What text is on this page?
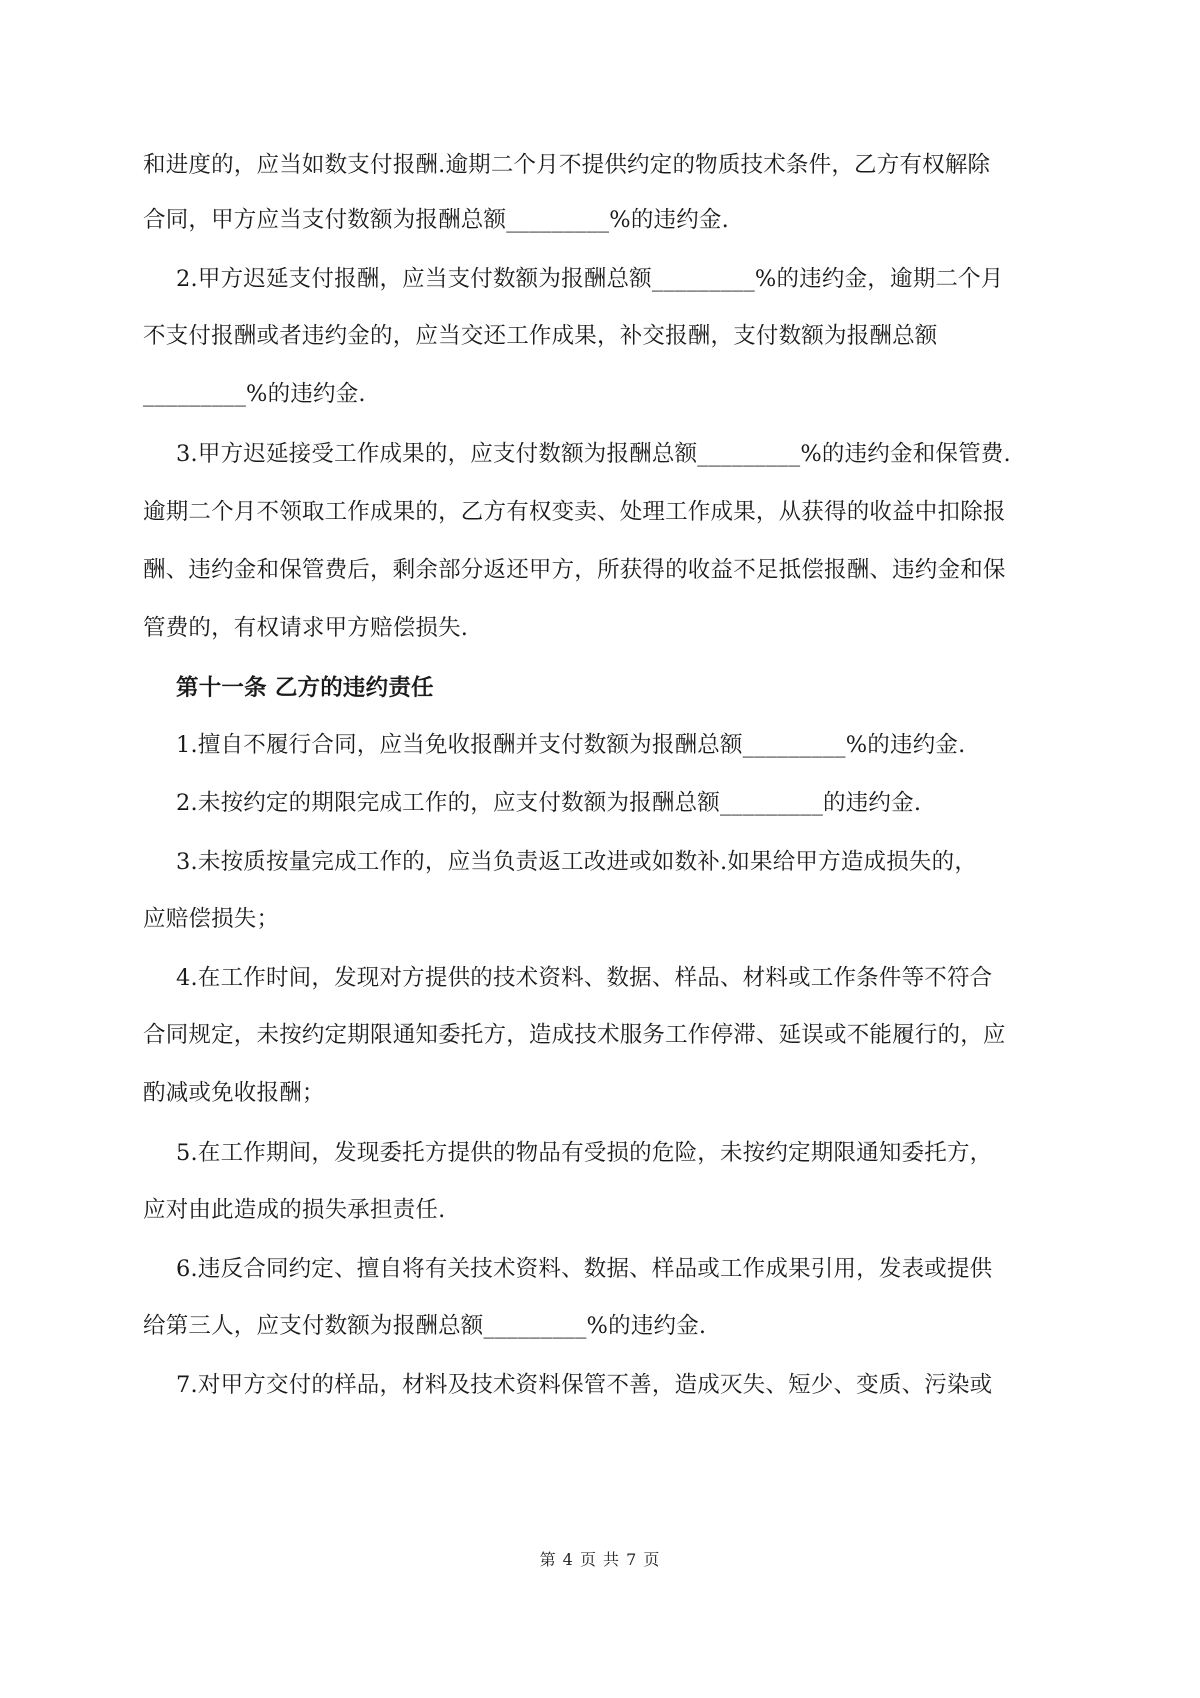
和进度的，应当如数支付报酬.逾期二个月不提供约定的物质技术条件，乙方有权解除
合同，甲方应当支付数额为报酬总额_________%的违约金.
2.甲方迟延支付报酬，应当支付数额为报酬总额_________%的违约金，逾期二个月
不支付报酬或者违约金的，应当交还工作成果，补交报酬，支付数额为报酬总额
_________%的违约金.
3.甲方迟延接受工作成果的，应支付数额为报酬总额_________%的违约金和保管费.
逾期二个月不领取工作成果的，乙方有权变卖、处理工作成果，从获得的收益中扣除报
酬、违约金和保管费后，剩余部分返还甲方，所获得的收益不足抵偿报酬、违约金和保
管费的，有权请求甲方赔偿损失.
第十一条 乙方的违约责任
1.擅自不履行合同，应当免收报酬并支付数额为报酬总额_________%的违约金.
2.未按约定的期限完成工作的，应支付数额为报酬总额_________的违约金.
3.未按质按量完成工作的，应当负责返工改进或如数补.如果给甲方造成损失的，
应赔偿损失；
4.在工作时间，发现对方提供的技术资料、数据、样品、材料或工作条件等不符合
合同规定，未按约定期限通知委托方，造成技术服务工作停滞、延误或不能履行的，应
酌减或免收报酬；
5.在工作期间，发现委托方提供的物品有受损的危险，未按约定期限通知委托方，
应对由此造成的损失承担责任.
6.违反合同约定、擅自将有关技术资料、数据、样品或工作成果引用，发表或提供
给第三人，应支付数额为报酬总额_________%的违约金.
7.对甲方交付的样品，材料及技术资料保管不善，造成灭失、短少、变质、污染或
第 4 页 共 7 页
